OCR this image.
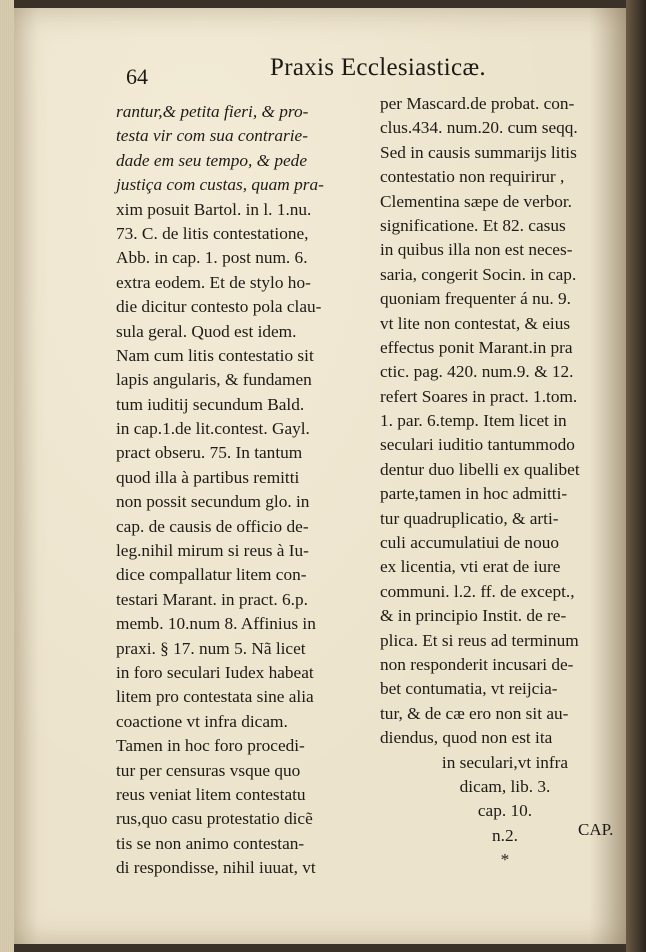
64	Praxis Ecclesiasticæ.
rantur,& petita fieri, & pro-
testa vir com sua contrarie-
dade em seu tempo, & pede
justiça com custas, quam pra-
xim posuit Bartol. in l. 1.nu.
73. C. de litis contestatione,
Abb. in cap. 1. post num. 6.
extra eodem. Et de stylo ho-
die dicitur contesto pola clau-
sula geral. Quod est idem.
Nam cum litis contestatio sit
lapis angularis, & fundamen
tum iuditij secundum Bald.
in cap.1.de lit.contest. Gayl.
pract obseru. 75. In tantum
quod illa à partibus remitti
non possit secundum glo. in
cap. de causis de officio de-
leg.nihil mirum si reus à Iu-
dice compallatur litem con-
testari Marant. in pract. 6.p.
memb. 10.num 8. Affinius in
praxi. § 17. num 5. Nã licet
in foro seculari Iudex habeat
litem pro contestata sine alia
coactione vt infra dicam.
Tamen in hoc foro procedi-
tur per censuras vsque quo
reus veniat litem contestatu
rus,quo casu protestatio dicẽ
tis se non animo contestan-
di respondisse, nihil iuuat, vt
per Mascard.de probat. con-
clus.434. num.20. cum seqq.
Sed in causis summarijs litis
contestatio non requirirur ,
Clementina sæpe de verbor.
significatione. Et 82. casus
in quibus illa non est neces-
saria, congerit Socin. in cap.
quoniam frequenter á nu. 9.
vt lite non contestat, & eius
effectus ponit Marant.in pra
ctic. pag. 420. num.9. & 12.
refert Soares in pract. 1.tom.
1. par. 6.temp. Item licet in
seculari iuditio tantummodo
dentur duo libelli ex qualibet
parte,tamen in hoc admitti-
tur quadruplicatio, & arti-
culi accumulatiui de nouo
ex licentia, vti erat de iure
communi. l.2. ff. de except.,
& in principio Instit. de re-
plica. Et si reus ad terminum
non responderit incusari de-
bet contumatia, vt reijcia-
tur, & de cæ ero non sit au-
diendus, quod non est ita
in seculari,vt infra
dicam, lib. 3.
cap. 10.
n.2.
*
CAP.
